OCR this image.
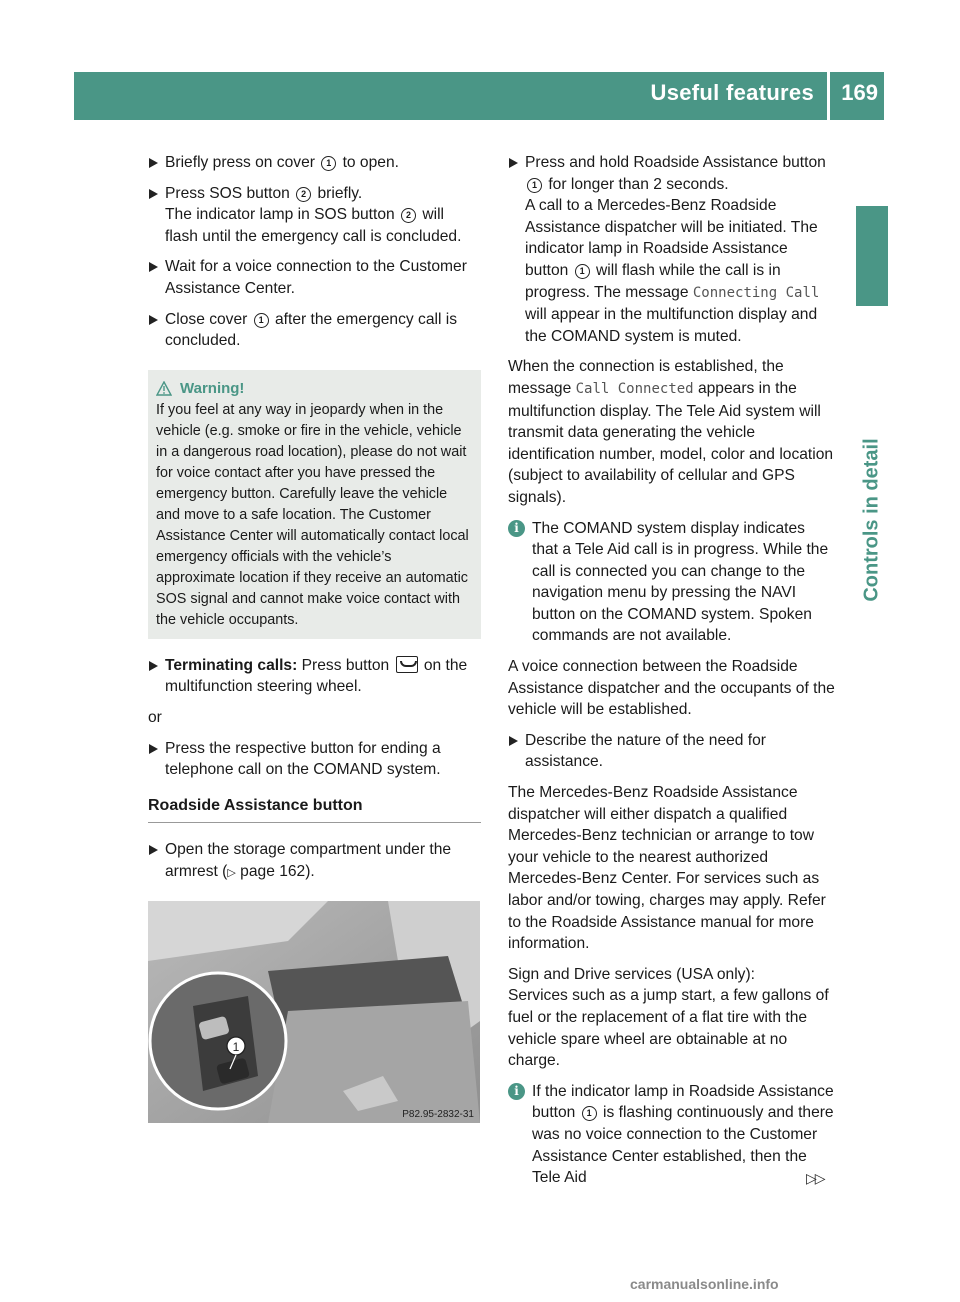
Useful features 169
Controls in detail
Briefly press on cover 1 to open.
Press SOS button 2 briefly.
The indicator lamp in SOS button 2 will flash until the emergency call is concluded.
Wait for a voice connection to the Customer Assistance Center.
Close cover 1 after the emergency call is concluded.
Warning!
If you feel at any way in jeopardy when in the vehicle (e.g. smoke or fire in the vehicle, vehicle in a dangerous road location), please do not wait for voice contact after you have pressed the emergency button. Carefully leave the vehicle and move to a safe location. The Customer Assistance Center will automatically contact local emergency officials with the vehicle’s approximate location if they receive an automatic SOS signal and cannot make voice contact with the vehicle occupants.
Terminating calls: Press button  on the multifunction steering wheel.

or

Press the respective button for ending a telephone call on the COMAND system.
Roadside Assistance button
Open the storage compartment under the armrest (▷ page 162).
1
P82.95-2832-31
Press and hold Roadside Assistance button 1 for longer than 2 seconds.
A call to a Mercedes-Benz Roadside Assistance dispatcher will be initiated. The indicator lamp in Roadside Assistance button 1 will flash while the call is in progress. The message Connecting Call will appear in the multifunction display and the COMAND system is muted.

When the connection is established, the message Call Connected appears in the multifunction display. The Tele Aid system will transmit data generating the vehicle identification number, model, color and location (subject to availability of cellular and GPS signals).

i The COMAND system display indicates that a Tele Aid call is in progress. While the call is connected you can change to the navigation menu by pressing the NAVI button on the COMAND system. Spoken commands are not available.

A voice connection between the Roadside Assistance dispatcher and the occupants of the vehicle will be established.

Describe the nature of the need for assistance.

The Mercedes-Benz Roadside Assistance dispatcher will either dispatch a qualified Mercedes-Benz technician or arrange to tow your vehicle to the nearest authorized Mercedes-Benz Center. For services such as labor and/or towing, charges may apply. Refer to the Roadside Assistance manual for more information.

Sign and Drive services (USA only):
Services such as a jump start, a few gallons of fuel or the replacement of a flat tire with the vehicle spare wheel are obtainable at no charge.

i If the indicator lamp in Roadside Assistance button 1 is flashing continuously and there was no voice connection to the Customer Assistance Center established, then the Tele Aid	▷▷
carmanualsonline.info
